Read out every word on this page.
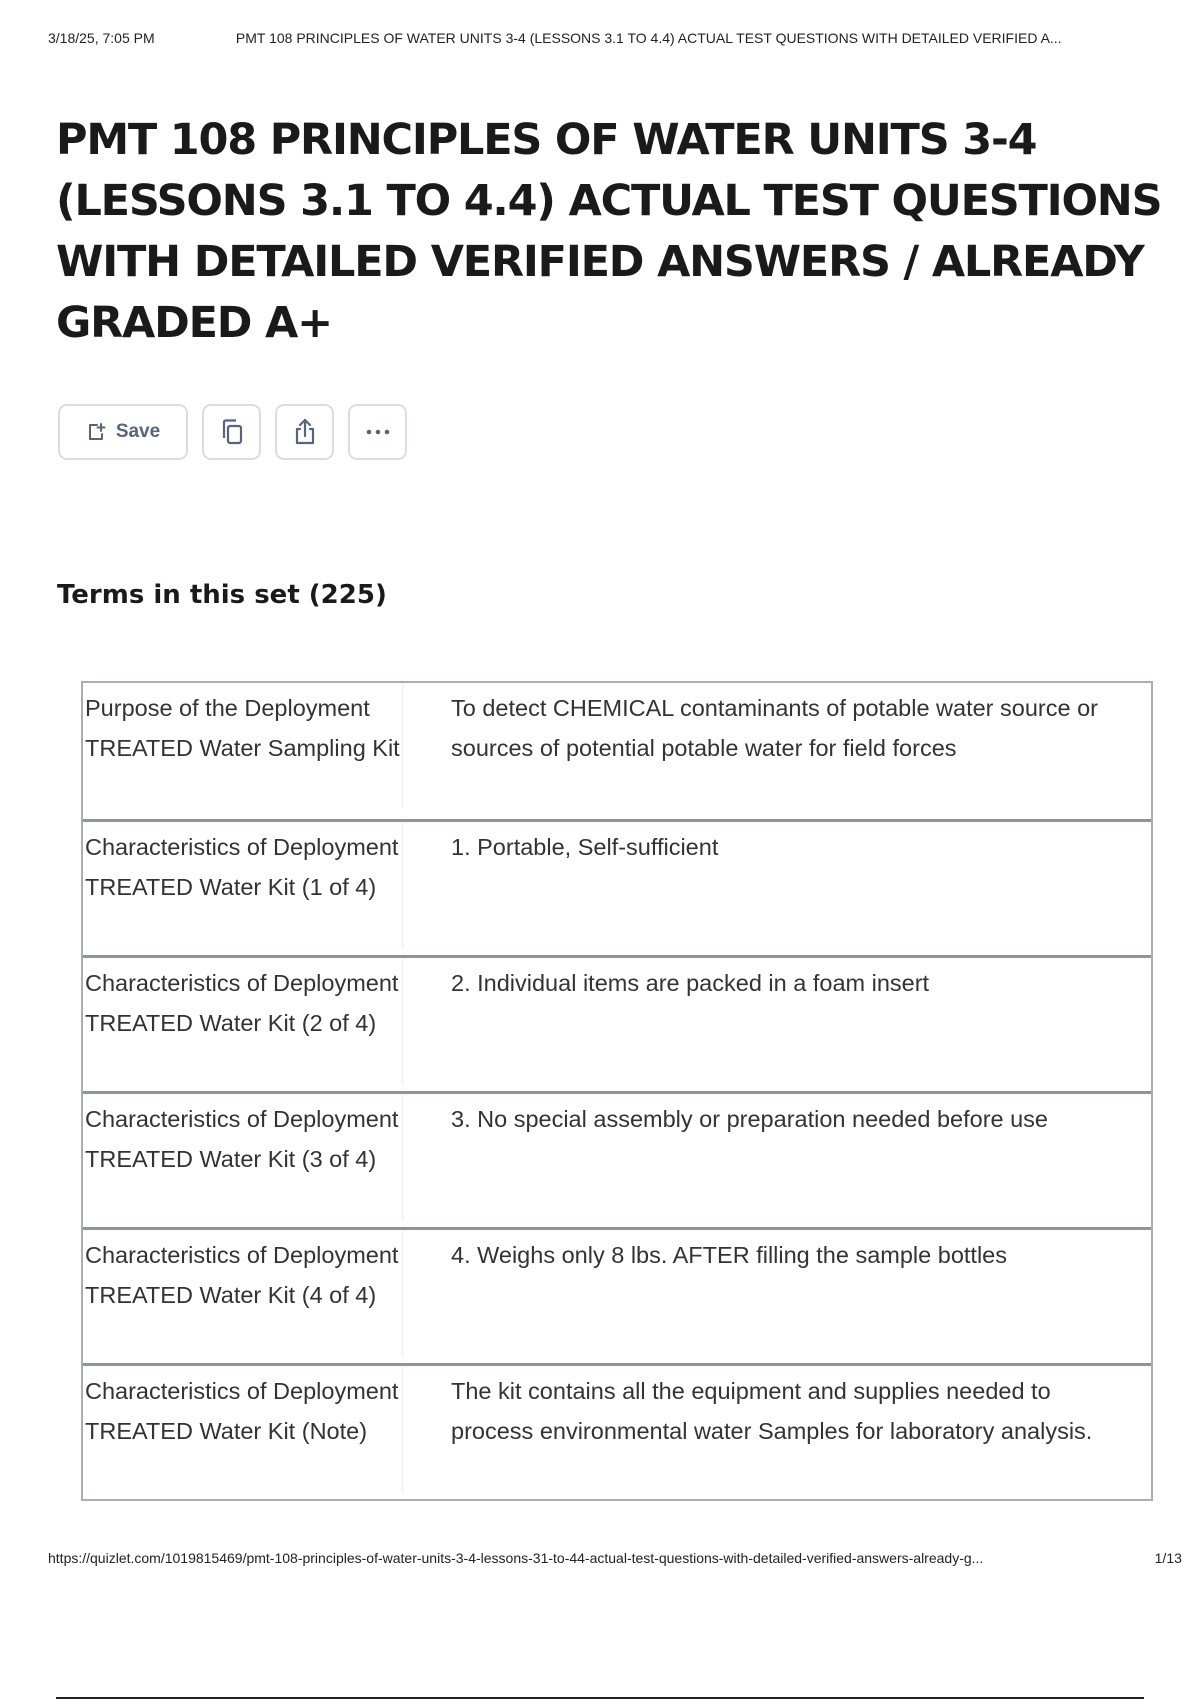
3/18/25, 7:05 PM	PMT 108 PRINCIPLES OF WATER UNITS 3-4 (LESSONS 3.1 TO 4.4) ACTUAL TEST QUESTIONS WITH DETAILED VERIFIED A...
PMT 108 PRINCIPLES OF WATER UNITS 3-4 (LESSONS 3.1 TO 4.4) ACTUAL TEST QUESTIONS WITH DETAILED VERIFIED ANSWERS / ALREADY GRADED A+
Save
Terms in this set (225)
Purpose of the Deployment TREATED Water Sampling Kit
To detect CHEMICAL contaminants of potable water source or sources of potential potable water for field forces
Characteristics of Deployment TREATED Water Kit (1 of 4)
1. Portable, Self-sufficient
Characteristics of Deployment TREATED Water Kit (2 of 4)
2. Individual items are packed in a foam insert
Characteristics of Deployment TREATED Water Kit (3 of 4)
3. No special assembly or preparation needed before use
Characteristics of Deployment TREATED Water Kit (4 of 4)
4. Weighs only 8 lbs. AFTER filling the sample bottles
Characteristics of Deployment TREATED Water Kit (Note)
The kit contains all the equipment and supplies needed to process environmental water Samples for laboratory analysis.
https://quizlet.com/1019815469/pmt-108-principles-of-water-units-3-4-lessons-31-to-44-actual-test-questions-with-detailed-verified-answers-already-g...	1/13
